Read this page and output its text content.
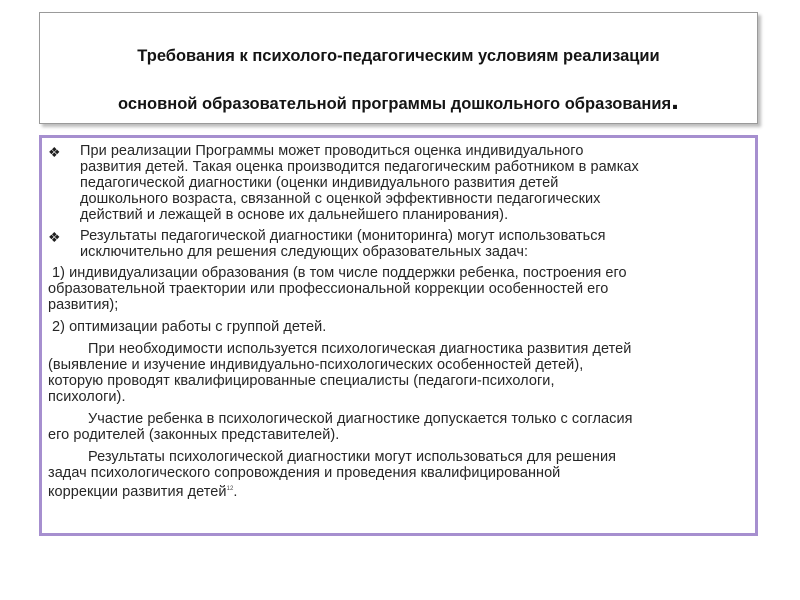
Требования к психолого-педагогическим условиям реализации
основной образовательной программы дошкольного образования.
❖ При реализации Программы может проводиться оценка индивидуального
развития детей. Такая оценка производится педагогическим работником в рамках
педагогической диагностики (оценки индивидуального развития детей
дошкольного возраста, связанной с оценкой эффективности педагогических
действий и лежащей в основе их дальнейшего планирования).
❖ Результаты педагогической диагностики (мониторинга) могут использоваться
исключительно для решения следующих образовательных задач:
1) индивидуализации образования (в том числе поддержки ребенка, построения его
образовательной траектории или профессиональной коррекции особенностей его
развития);
2) оптимизации работы с группой детей.
При необходимости используется психологическая диагностика развития детей
(выявление и изучение индивидуально-психологических особенностей детей),
которую проводят квалифицированные специалисты (педагоги-психологи,
психологи).
Участие ребенка в психологической диагностике допускается только с согласия
его родителей (законных представителей).
Результаты психологической диагностики могут использоваться для решения
задач психологического сопровождения и проведения квалифицированной
коррекции развития детей$^{12}$.
